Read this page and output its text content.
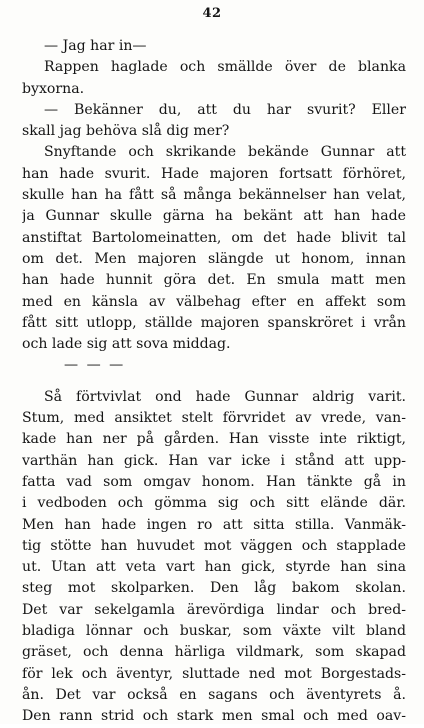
42

— Jag har in—

Rappen haglade och smällde över de blanka
byxorna.

— Bekänner du, att du har svurit? Eller
skall jag behöva slå dig mer?

Snyftande och skrikande bekände Gunnar att
han hade svurit. Hade majoren fortsatt förhöret,
skulle han ha fått så många bekännelser han velat,
ja Gunnar skulle gärna ha bekänt att han hade
anstiftat Bartolomeinatten, om det hade blivit tal
om det. Men majoren slängde ut honom, innan
han hade hunnit göra det. En smula matt men
med en känsla av välbehag efter en affekt som
fått sitt utlopp, ställde majoren spanskröret i vrån
och lade sig att sova middag.

— — —

Så förtvivlat ond hade Gunnar aldrig varit.
Stum, med ansiktet stelt förvridet av vrede, van-
kade han ner på gården. Han visste inte riktigt,
varthän han gick. Han var icke i stånd att upp-
fatta vad som omgav honom. Han tänkte gå in
i vedboden och gömma sig och sitt elände där.
Men han hade ingen ro att sitta stilla. Vanmäk-
tig stötte han huvudet mot väggen och stapplade
ut. Utan att veta vart han gick, styrde han sina
steg mot skolparken. Den låg bakom skolan.
Det var sekelgamla ärevördiga lindar och bred-
bladiga lönnar och buskar, som växte vilt bland
gräset, och denna härliga vildmark, som skapad
för lek och äventyr, sluttade ned mot Borgestads-
ån. Det var också en sagans och äventyrets å.
Den rann strid och stark men smal och med oav-
